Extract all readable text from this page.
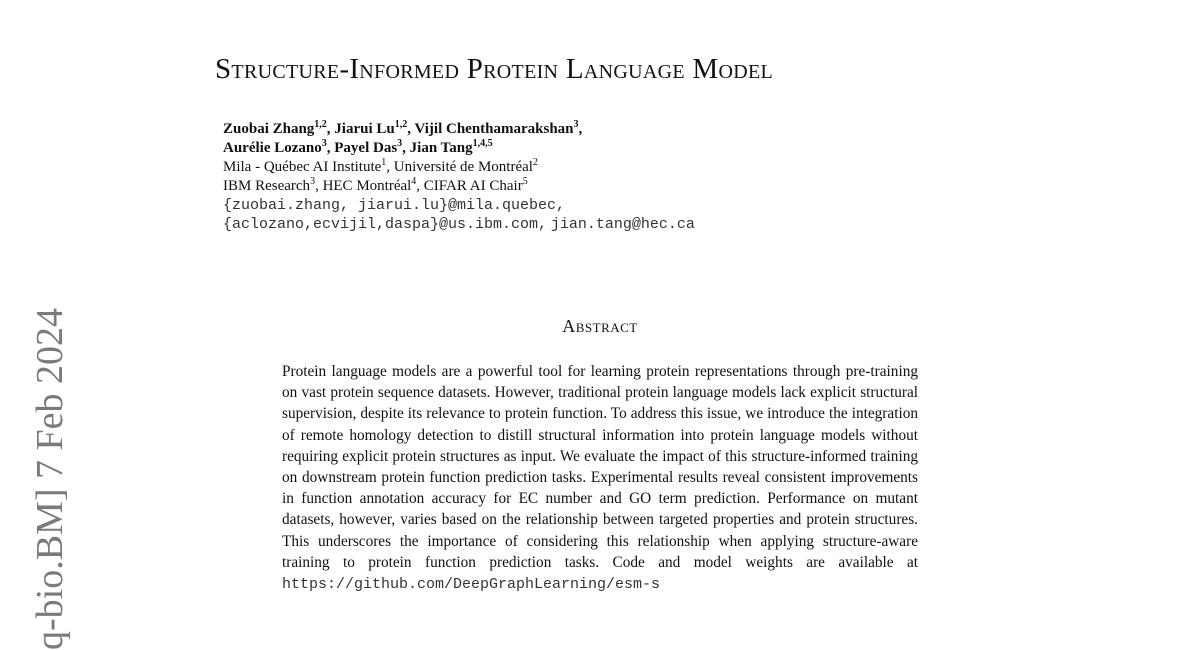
q-bio.BM] 7 Feb 2024
Structure-Informed Protein Language Model
Zuobai Zhang$^{1,2}$, Jiarui Lu$^{1,2}$, Vijil Chenthamarakshan$^3$,
Aurélie Lozano$^3$, Payel Das$^3$, Jian Tang$^{1,4,5}$
Mila - Québec AI Institute$^1$, Université de Montréal$^2$
IBM Research$^3$, HEC Montréal$^4$, CIFAR AI Chair$^5$
{zuobai.zhang, jiarui.lu}@mila.quebec,
{aclozano,ecvijil,daspa}@us.ibm.com, jian.tang@hec.ca
Abstract
Protein language models are a powerful tool for learning protein representations through pre-training on vast protein sequence datasets. However, traditional protein language models lack explicit structural supervision, despite its relevance to protein function. To address this issue, we introduce the integration of remote homology detection to distill structural information into protein language models without requiring explicit protein structures as input. We evaluate the impact of this structure-informed training on downstream protein function prediction tasks. Experimental results reveal consistent improvements in function annotation accuracy for EC number and GO term prediction. Performance on mutant datasets, however, varies based on the relationship between targeted properties and protein structures. This underscores the importance of considering this relationship when applying structure-aware training to protein function prediction tasks. Code and model weights are available at https://github.com/DeepGraphLearning/esm-s
